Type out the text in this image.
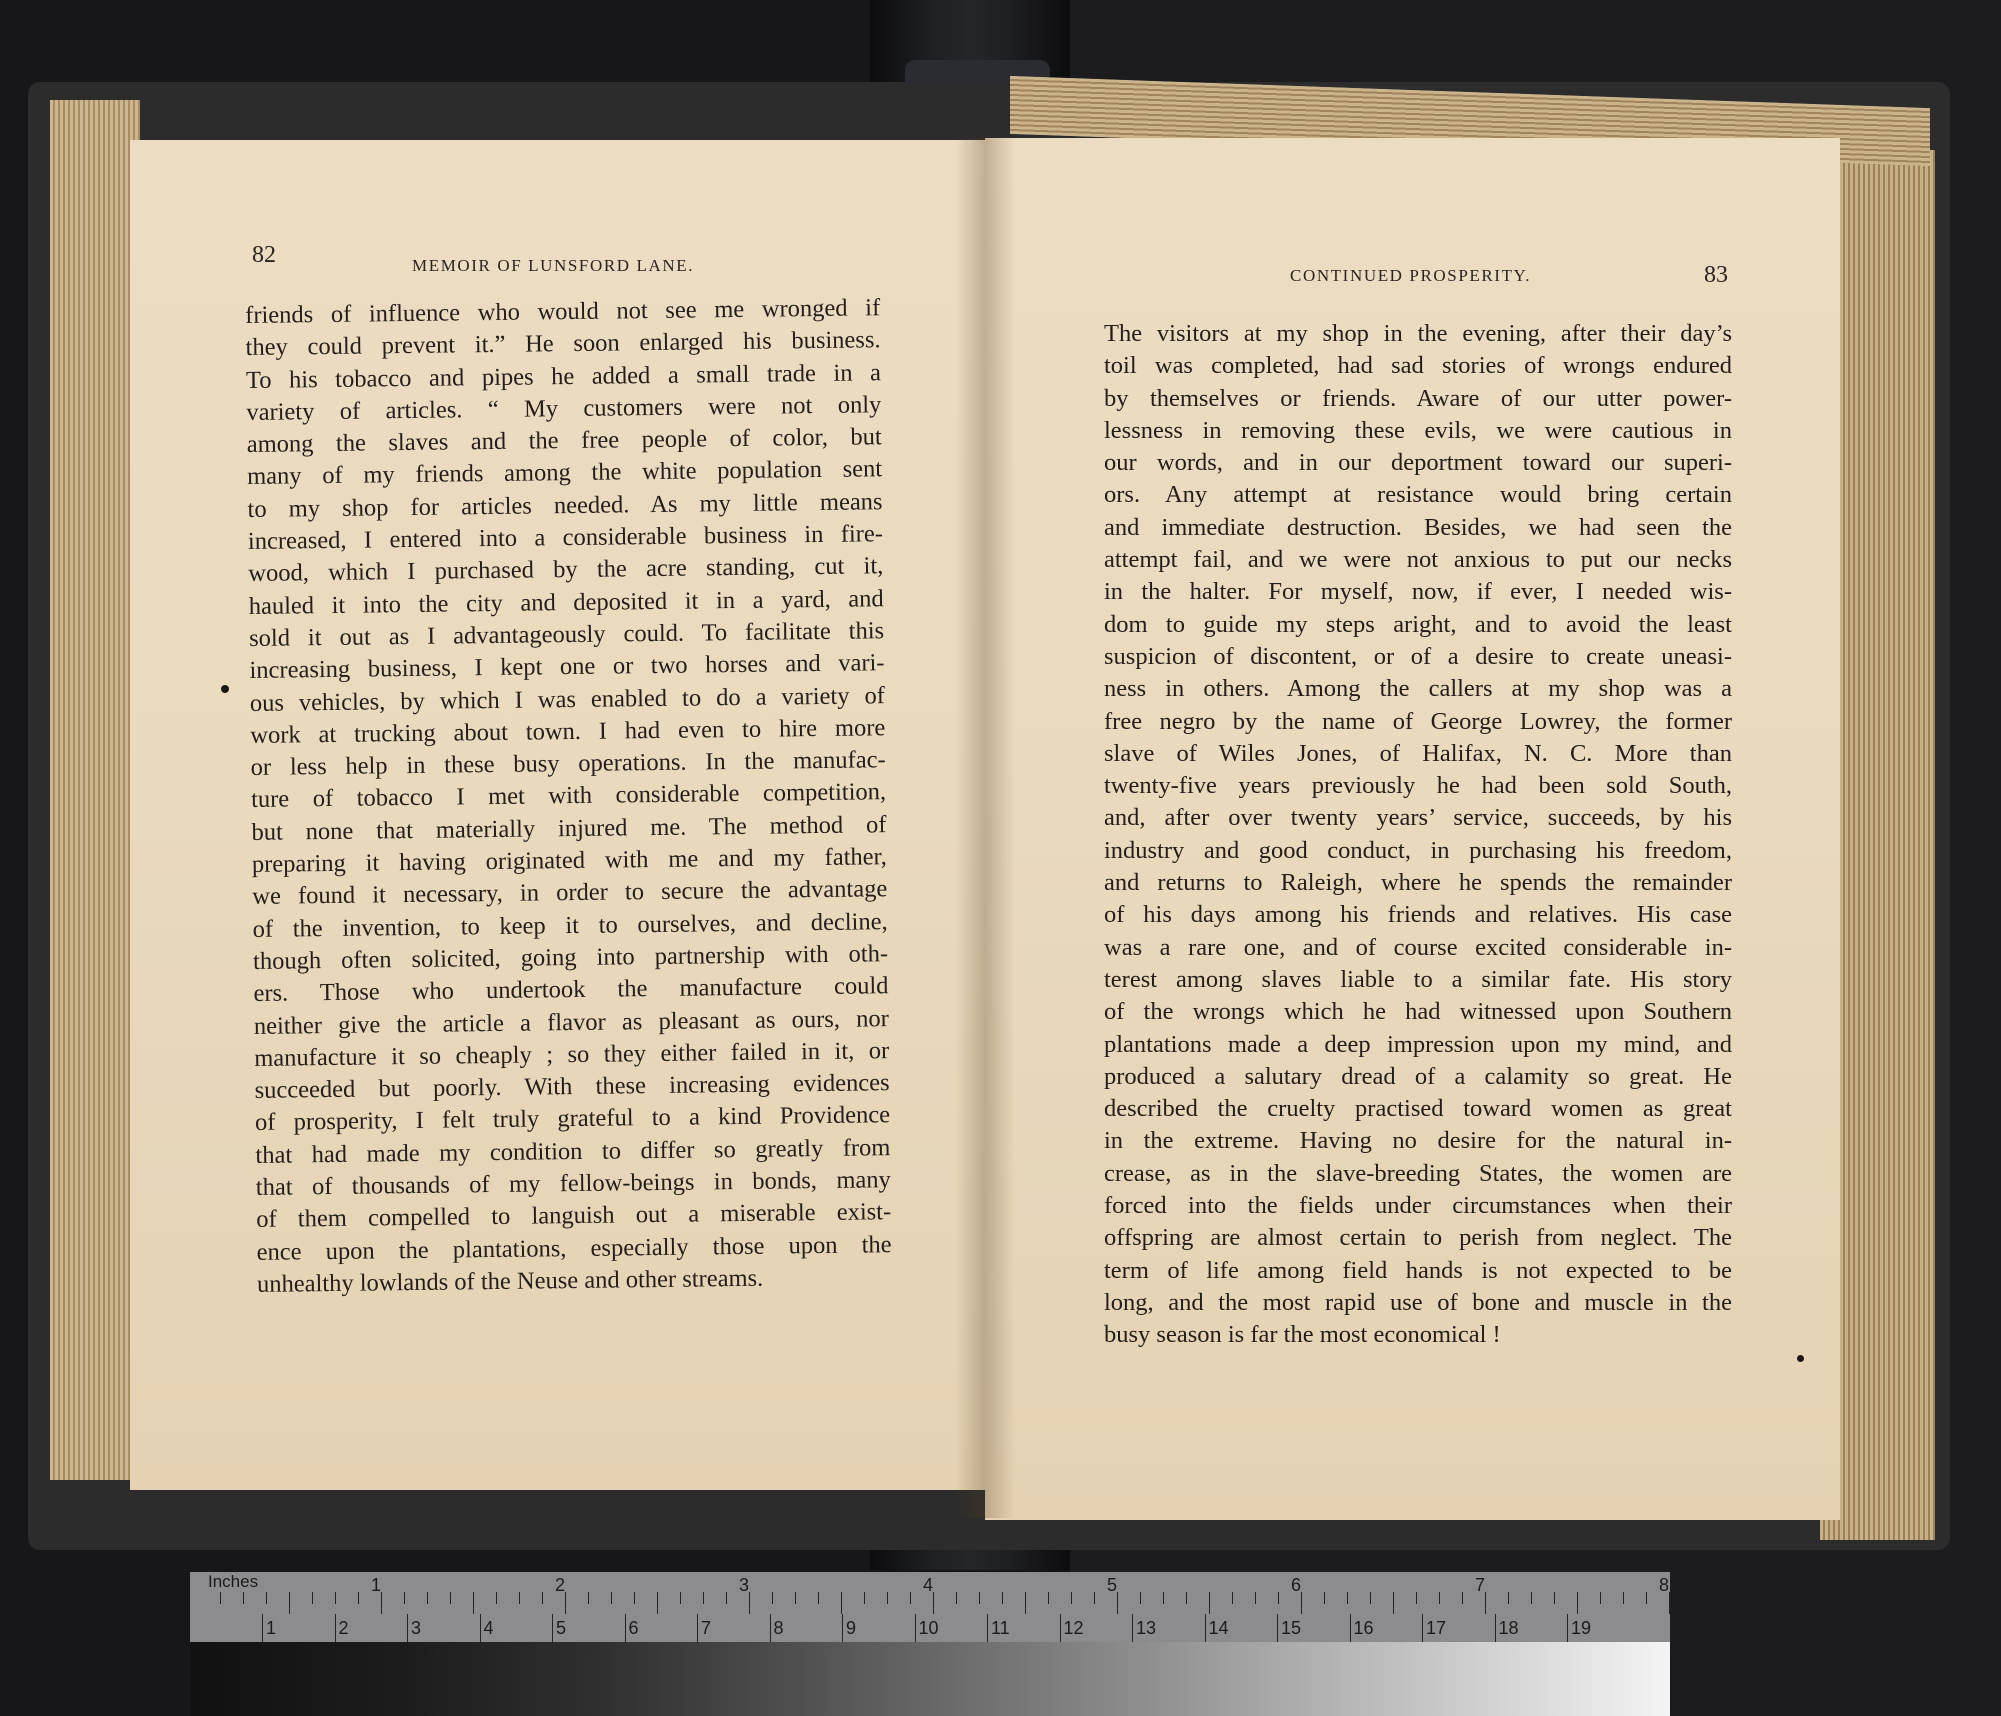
82	MEMOIR OF LUNSFORD LANE.
CONTINUED PROSPERITY.	83
friends of influence who would not see me wronged if
they could prevent it.” He soon enlarged his business.
To his tobacco and pipes he added a small trade in a
variety of articles. “ My customers were not only
among the slaves and the free people of color, but
many of my friends among the white population sent
to my shop for articles needed. As my little means
increased, I entered into a considerable business in fire-
wood, which I purchased by the acre standing, cut it,
hauled it into the city and deposited it in a yard, and
sold it out as I advantageously could. To facilitate this
increasing business, I kept one or two horses and vari-
ous vehicles, by which I was enabled to do a variety of
work at trucking about town. I had even to hire more
or less help in these busy operations. In the manufac-
ture of tobacco I met with considerable competition,
but none that materially injured me. The method of
preparing it having originated with me and my father,
we found it necessary, in order to secure the advantage
of the invention, to keep it to ourselves, and decline,
though often solicited, going into partnership with oth-
ers. Those who undertook the manufacture could
neither give the article a flavor as pleasant as ours, nor
manufacture it so cheaply ; so they either failed in it, or
succeeded but poorly. With these increasing evidences
of prosperity, I felt truly grateful to a kind Providence
that had made my condition to differ so greatly from
that of thousands of my fellow-beings in bonds, many
of them compelled to languish out a miserable exist-
ence upon the plantations, especially those upon the
unhealthy lowlands of the Neuse and other streams.
The visitors at my shop in the evening, after their day’s
toil was completed, had sad stories of wrongs endured
by themselves or friends. Aware of our utter power-
lessness in removing these evils, we were cautious in
our words, and in our deportment toward our superi-
ors. Any attempt at resistance would bring certain
and immediate destruction. Besides, we had seen the
attempt fail, and we were not anxious to put our necks
in the halter. For myself, now, if ever, I needed wis-
dom to guide my steps aright, and to avoid the least
suspicion of discontent, or of a desire to create uneasi-
ness in others. Among the callers at my shop was a
free negro by the name of George Lowrey, the former
slave of Wiles Jones, of Halifax, N. C. More than
twenty-five years previously he had been sold South,
and, after over twenty years’ service, succeeds, by his
industry and good conduct, in purchasing his freedom,
and returns to Raleigh, where he spends the remainder
of his days among his friends and relatives. His case
was a rare one, and of course excited considerable in-
terest among slaves liable to a similar fate. His story
of the wrongs which he had witnessed upon Southern
plantations made a deep impression upon my mind, and
produced a salutary dread of a calamity so great. He
described the cruelty practised toward women as great
in the extreme. Having no desire for the natural in-
crease, as in the slave-breeding States, the women are
forced into the fields under circumstances when their
offspring are almost certain to perish from neglect. The
term of life among field hands is not expected to be
long, and the most rapid use of bone and muscle in the
busy season is far the most economical !

Inches	1	2	3	4	5	6	7	8
1	2	3	4	5	6	7	8	9	10	11	12	13	14	15	16	17	18	19
